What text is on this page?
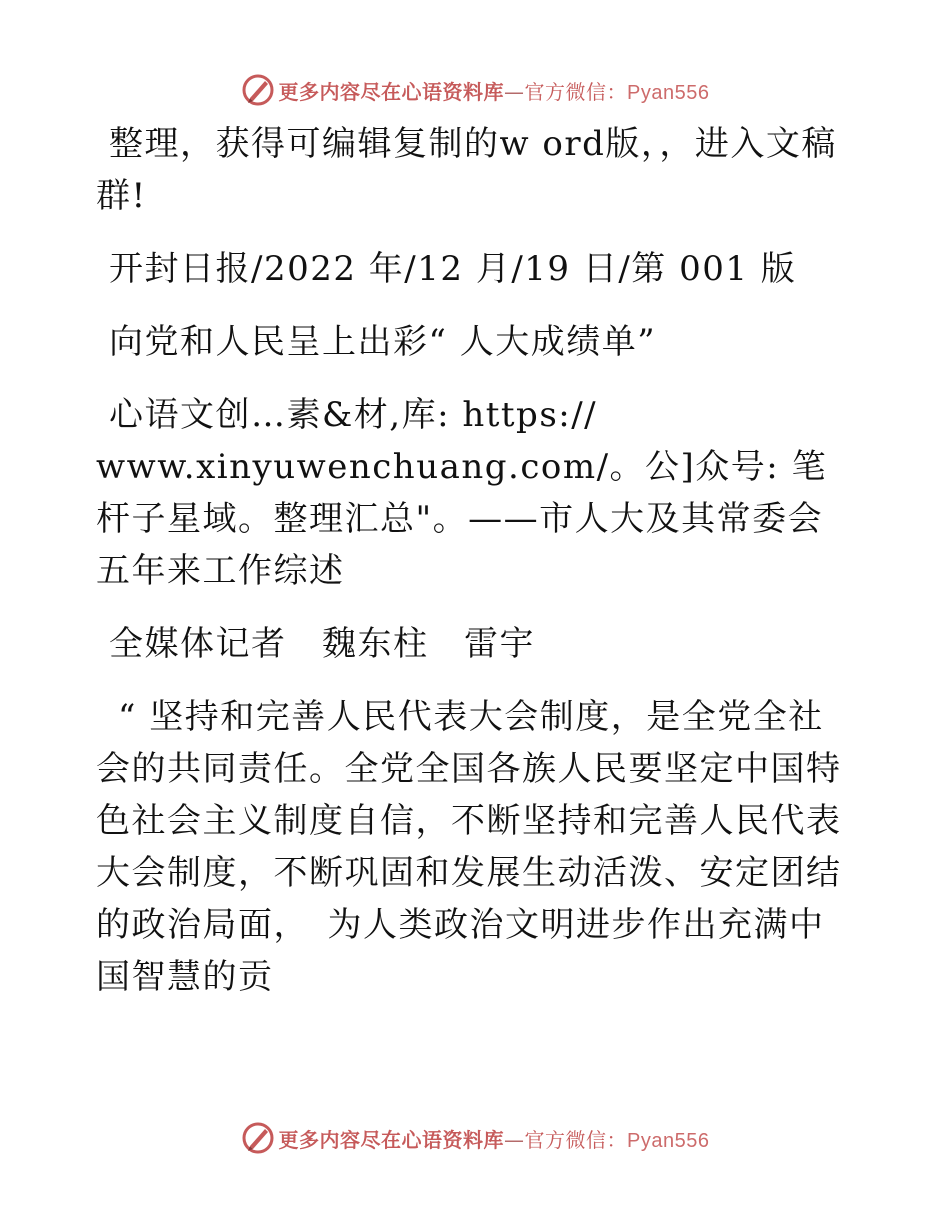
更多内容尽在心语资料库—官方微信：Pyan556

整理，获得可编辑复制的w ord版，，进入文稿群!

开封日报/2022 年/12 月/19 日/第 001 版

向党和人民呈上出彩“ 人大成绩单”

心语文创…素&材,库: https://
www.xinyuwenchuang.com/。公]众号: 笔杆子星域。整理汇总"。——市人大及其常委会五年来工作综述

全媒体记者　魏东柱　雷宇

“ 坚持和完善人民代表大会制度，是全党全社会的共同责任。全党全国各族人民要坚定中国特色社会主义制度自信，不断坚持和完善人民代表大会制度，不断巩固和发展生动活泼、安定团结的政治局面，　为人类政治文明进步作出充满中国智慧的贡

更多内容尽在心语资料库—官方微信：Pyan556
